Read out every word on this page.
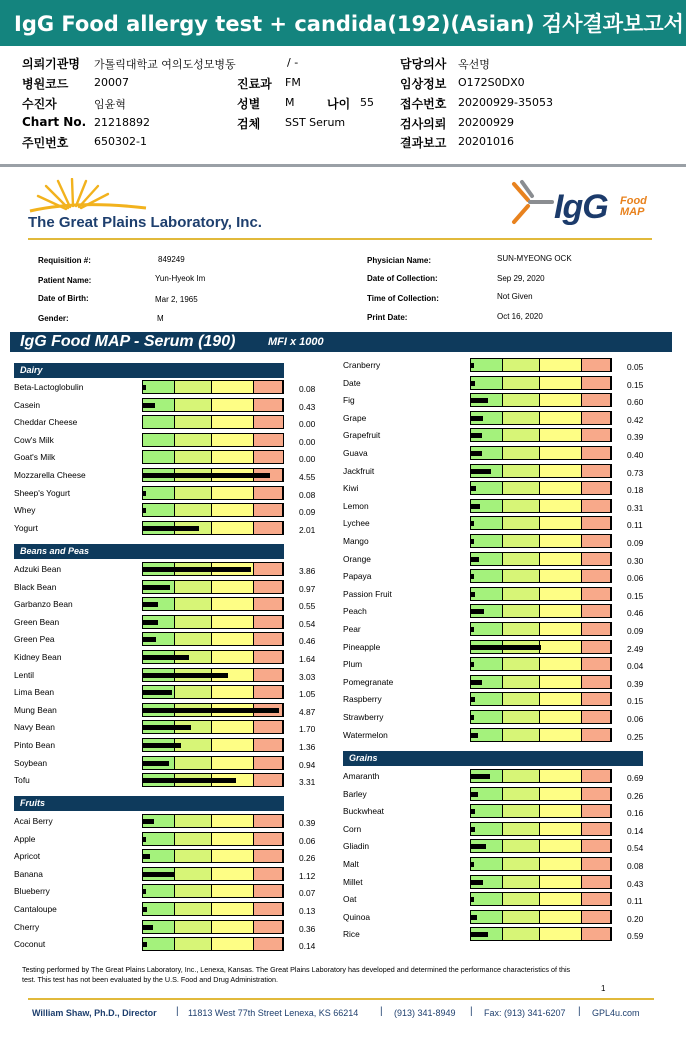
IgG Food allergy test + candida(192)(Asian) 검사결과보고서
의뢰기관명 가톨릭대학교 여의도성모병동	/ -	담당의사 옥선명
병원코드 20007	진료과 FM	임상정보 O172S0DX0
수진자	임윤혁	성별 M	나이 55 접수번호 20200929-35053
Chart No. 21218892	검체 SST Serum	검사의뢰 20200929
주민번호 650302-1	결과보고 20201016
The Great Plains Laboratory, Inc.	IgG Food
MAP
Requisition #:	849249
Patient Name:	Yun-Hyeok Im
Date of Birth:	Mar 2, 1965
Gender:	M
Physician Name:	SUN-MYEONG OCK
Date of Collection:	Sep 29, 2020
Time of Collection:	Not Given
Print Date:	Oct 16, 2020
IgG Food MAP - Serum (190)	MFI x 1000
Dairy
Beta-Lactoglobulin	0.08
Casein	0.43
Cheddar Cheese	0.00
Cow's Milk	0.00
Goat's Milk	0.00
Mozzarella Cheese	4.55
Sheep's Yogurt	0.08
Whey	0.09
Yogurt	2.01
Beans and Peas
Adzuki Bean	3.86
Black Bean	0.97
Garbanzo Bean	0.55
Green Bean	0.54
Green Pea	0.46
Kidney Bean	1.64
Lentil	3.03
Lima Bean	1.05
Mung Bean	4.87
Navy Bean	1.70
Pinto Bean	1.36
Soybean	0.94
Tofu	3.31
Fruits
Acai Berry	0.39
Apple	0.06
Apricot	0.26
Banana	1.12
Blueberry	0.07
Cantaloupe	0.13
Cherry	0.36
Coconut	0.14
Cranberry	0.05
Date	0.15
Fig	0.60
Grape	0.42
Grapefruit	0.39
Guava	0.40
Jackfruit	0.73
Kiwi	0.18
Lemon	0.31
Lychee	0.11
Mango	0.09
Orange	0.30
Papaya	0.06
Passion Fruit	0.15
Peach	0.46
Pear	0.09
Pineapple	2.49
Plum	0.04
Pomegranate	0.39
Raspberry	0.15
Strawberry	0.06
Watermelon	0.25
Grains
Amaranth	0.69
Barley	0.26
Buckwheat	0.16
Corn	0.14
Gliadin	0.54
Malt	0.08
Millet	0.43
Oat	0.11
Quinoa	0.20
Rice	0.59
Testing performed by The Great Plains Laboratory, Inc., Lenexa, Kansas. The Great Plains Laboratory has developed and determined the performance characteristics of this test. This test has not been evaluated by the U.S. Food and Drug Administration.
1
William Shaw, Ph.D., Director | 11813 West 77th Street Lenexa, KS 66214 | (913) 341-8949 | Fax: (913) 341-6207 | GPL4u.com
